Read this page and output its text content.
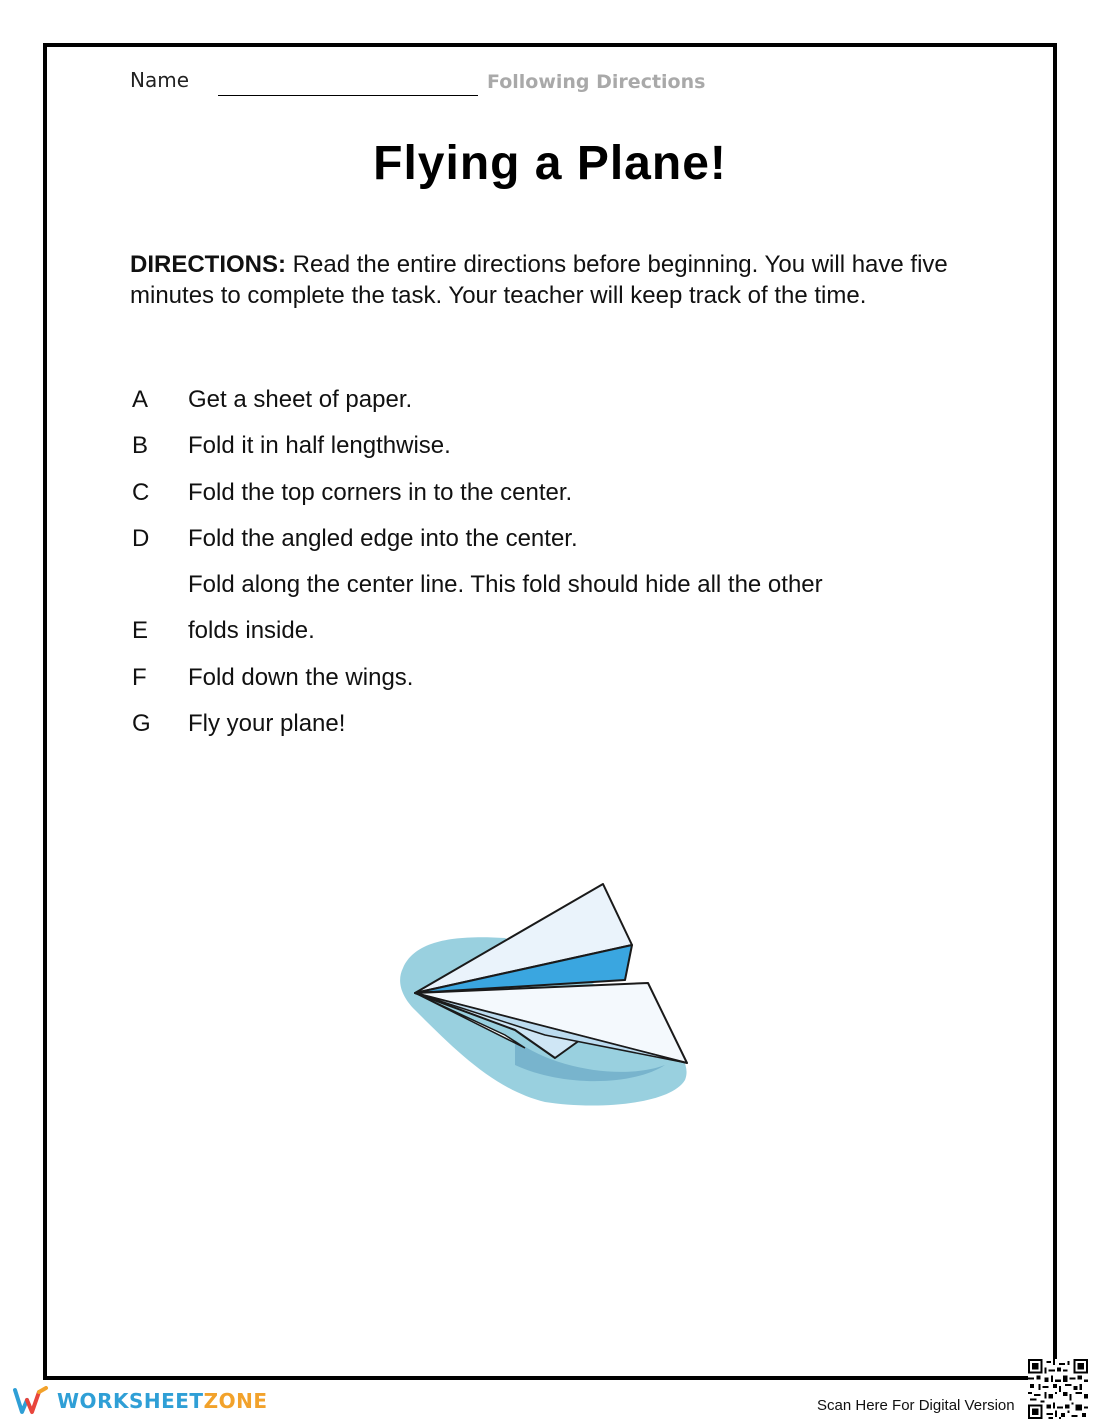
Name	Following Directions
Flying a Plane!

DIRECTIONS: Read the entire directions before beginning. You will have five minutes to complete the task. Your teacher will keep track of the time.

A Get a sheet of paper.
B Fold it in half lengthwise.
C Fold the top corners in to the center.
D Fold the angled edge into the center.
Fold along the center line. This fold should hide all the other
E folds inside.
F Fold down the wings.
G Fly your plane!
WORKSHEETZONE	Scan Here For Digital Version
